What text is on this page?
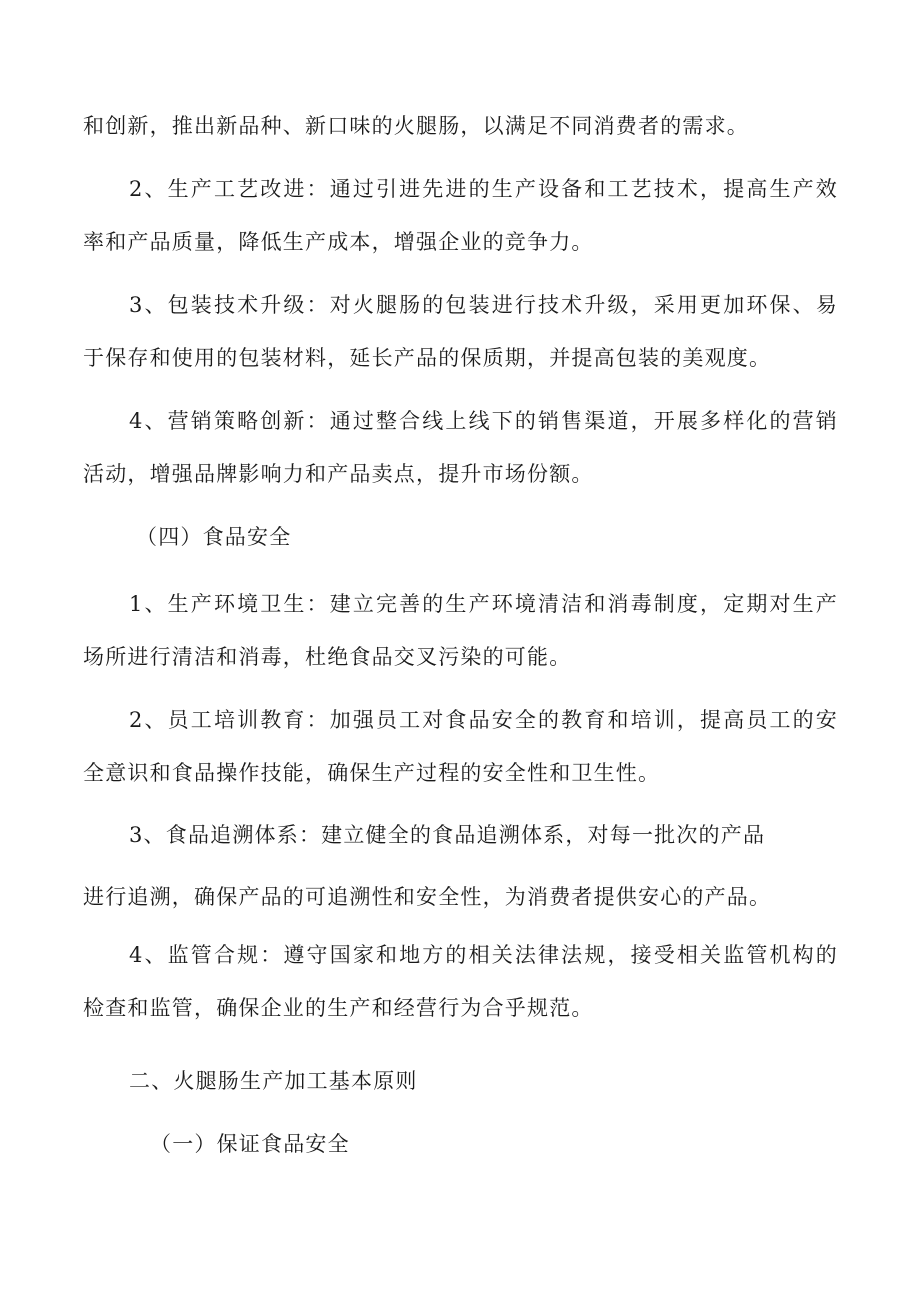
和创新，推出新品种、新口味的火腿肠，以满足不同消费者的需求。
2、生产工艺改进：通过引进先进的生产设备和工艺技术，提高生产效
率和产品质量，降低生产成本，增强企业的竞争力。
3、包装技术升级：对火腿肠的包装进行技术升级，采用更加环保、易
于保存和使用的包装材料，延长产品的保质期，并提高包装的美观度。
4、营销策略创新：通过整合线上线下的销售渠道，开展多样化的营销
活动，增强品牌影响力和产品卖点，提升市场份额。
（四）食品安全
1、生产环境卫生：建立完善的生产环境清洁和消毒制度，定期对生产
场所进行清洁和消毒，杜绝食品交叉污染的可能。
2、员工培训教育：加强员工对食品安全的教育和培训，提高员工的安
全意识和食品操作技能，确保生产过程的安全性和卫生性。
3、食品追溯体系：建立健全的食品追溯体系，对每一批次的产品
进行追溯，确保产品的可追溯性和安全性，为消费者提供安心的产品。
4、监管合规：遵守国家和地方的相关法律法规，接受相关监管机构的
检查和监管，确保企业的生产和经营行为合乎规范。
二、火腿肠生产加工基本原则
（一）保证食品安全
